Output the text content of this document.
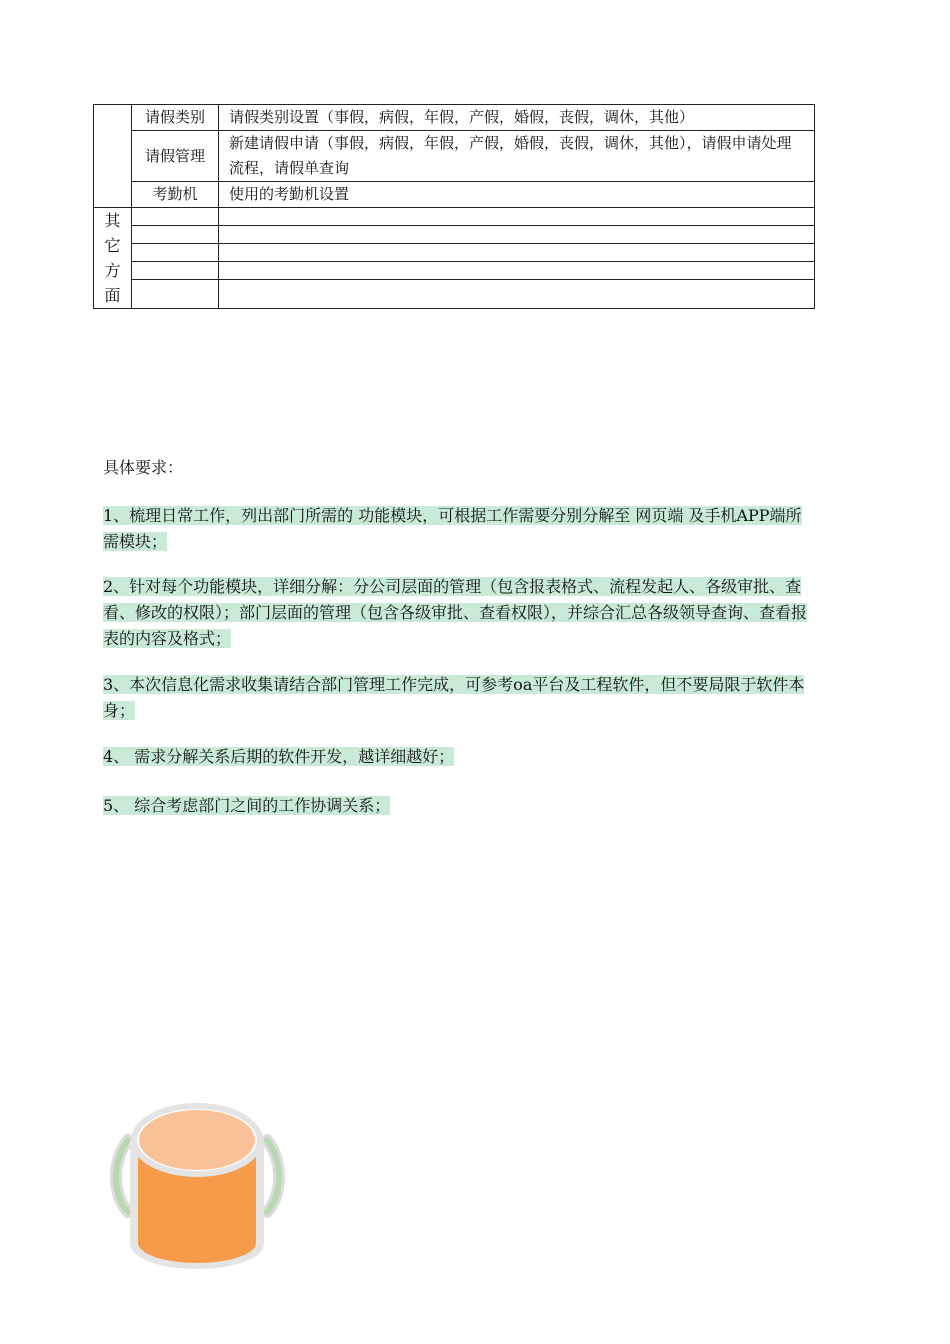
	请假类别	请假类别设置（事假，病假，年假，产假，婚假，丧假，调休，其他）
	请假管理	新建请假申请（事假，病假，年假，产假，婚假，丧假，调休，其他），请假申请处理流程，请假单查询
	考勤机	使用的考勤机设置

其
它
方
面		

具体要求：
1、梳理日常工作，列出部门所需的 功能模块，可根据工作需要分别分解至 网页端 及手机APP端所需模块；
2、针对每个功能模块，详细分解：分公司层面的管理（包含报表格式、流程发起人、各级审批、查看、修改的权限）；部门层面的管理（包含各级审批、查看权限），并综合汇总各级领导查询、查看报表的内容及格式；
3、本次信息化需求收集请结合部门管理工作完成，可参考oa平台及工程软件，但不要局限于软件本身；
4、 需求分解关系后期的软件开发，越详细越好；
5、 综合考虑部门之间的工作协调关系；
